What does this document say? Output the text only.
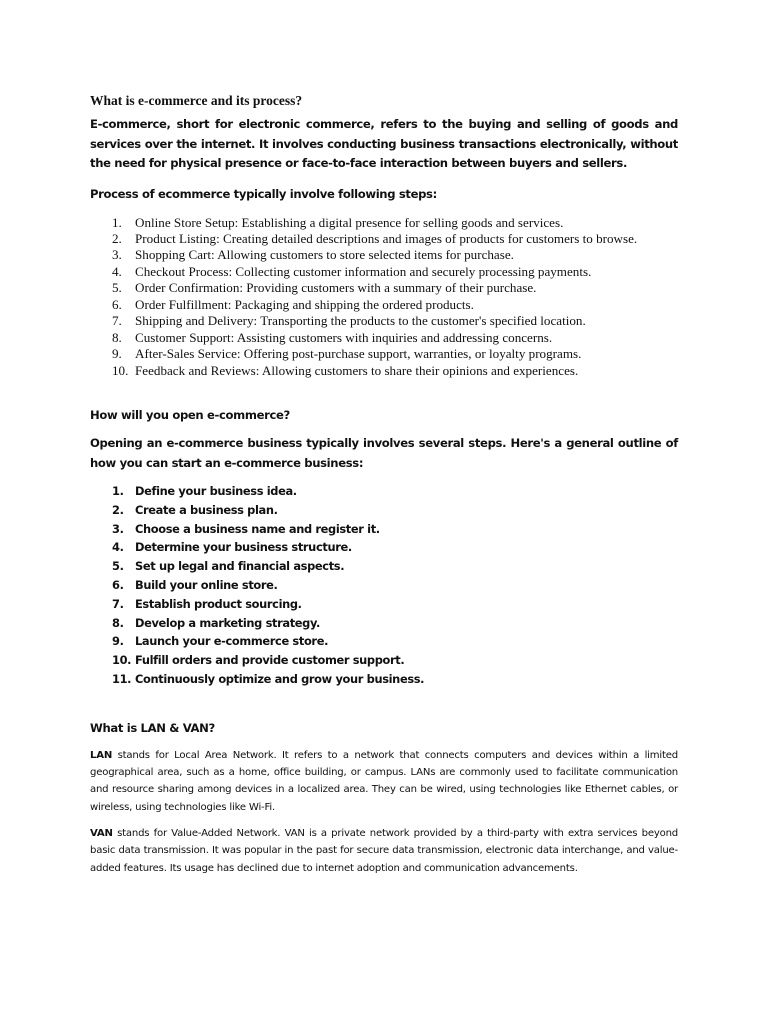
What is e-commerce and its process?

E-commerce, short for electronic commerce, refers to the buying and selling of goods and services over the internet. It involves conducting business transactions electronically, without the need for physical presence or face-to-face interaction between buyers and sellers.

Process of ecommerce typically involve following steps:

1.	Online Store Setup: Establishing a digital presence for selling goods and services.
2.	Product Listing: Creating detailed descriptions and images of products for customers to browse.
3.	Shopping Cart: Allowing customers to store selected items for purchase.
4.	Checkout Process: Collecting customer information and securely processing payments.
5.	Order Confirmation: Providing customers with a summary of their purchase.
6.	Order Fulfillment: Packaging and shipping the ordered products.
7.	Shipping and Delivery: Transporting the products to the customer's specified location.
8.	Customer Support: Assisting customers with inquiries and addressing concerns.
9.	After-Sales Service: Offering post-purchase support, warranties, or loyalty programs.
10. Feedback and Reviews: Allowing customers to share their opinions and experiences.

How will you open e-commerce?

Opening an e-commerce business typically involves several steps. Here's a general outline of how you can start an e-commerce business:

1.	Define your business idea.
2.	Create a business plan.
3.	Choose a business name and register it.
4.	Determine your business structure.
5.	Set up legal and financial aspects.
6.	Build your online store.
7.	Establish product sourcing.
8.	Develop a marketing strategy.
9.	Launch your e-commerce store.
10. Fulfill orders and provide customer support.
11. Continuously optimize and grow your business.

What is LAN & VAN?

LAN stands for Local Area Network. It refers to a network that connects computers and devices within a limited geographical area, such as a home, office building, or campus. LANs are commonly used to facilitate communication and resource sharing among devices in a localized area. They can be wired, using technologies like Ethernet cables, or wireless, using technologies like Wi-Fi.

VAN stands for Value-Added Network. VAN is a private network provided by a third-party with extra services beyond basic data transmission. It was popular in the past for secure data transmission, electronic data interchange, and value-added features. Its usage has declined due to internet adoption and communication advancements.
